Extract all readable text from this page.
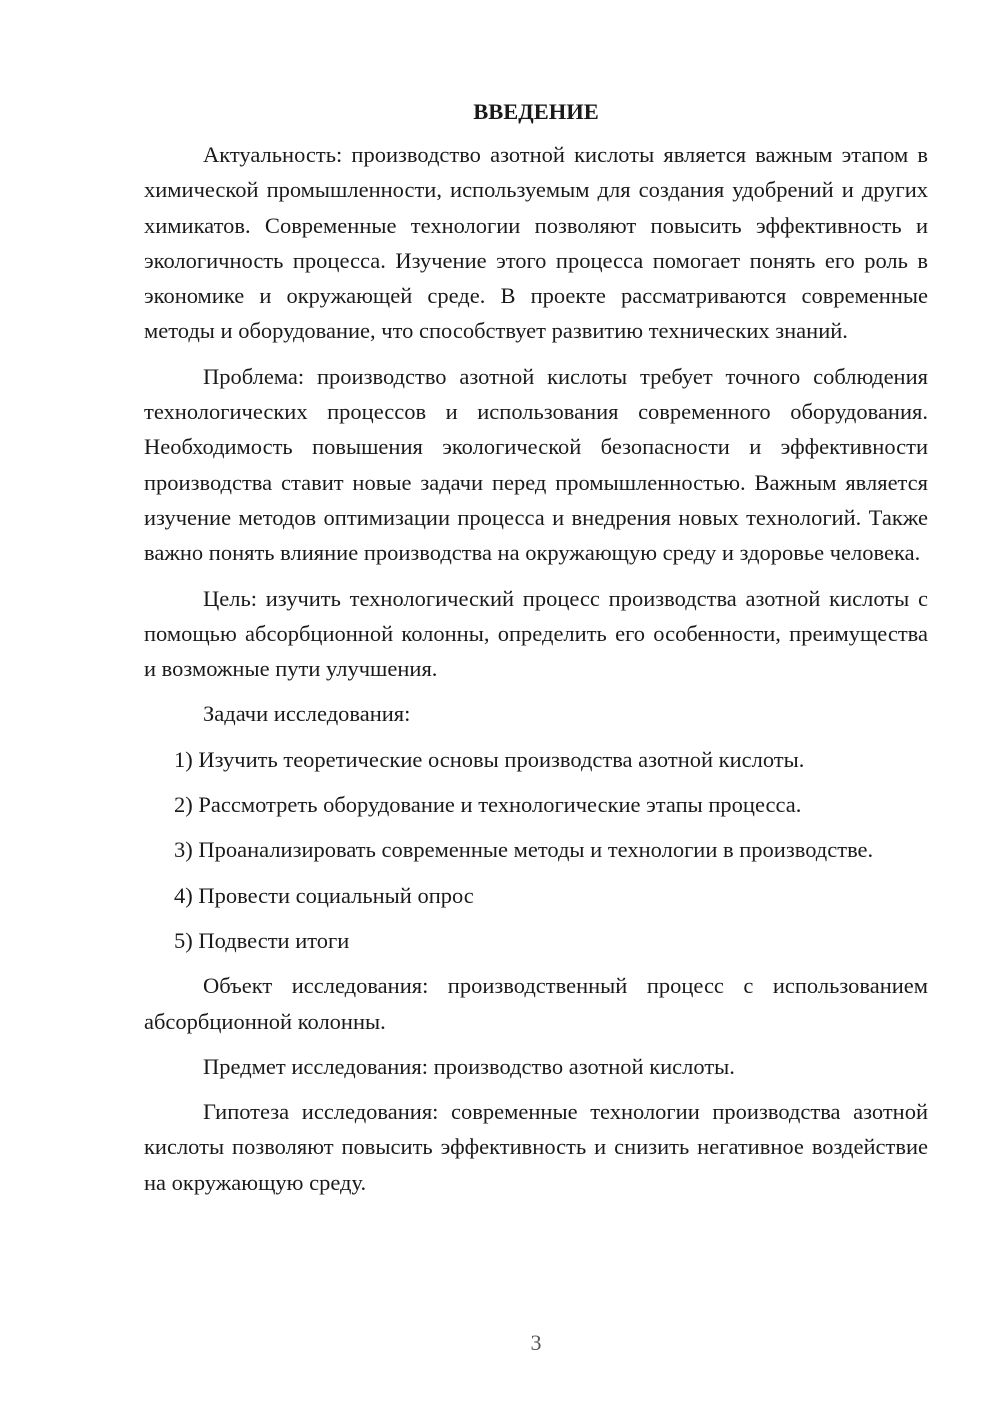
ВВЕДЕНИЕ

Актуальность: производство азотной кислоты является важным этапом в химической промышленности, используемым для создания удобрений и других химикатов. Современные технологии позволяют повысить эффективность и экологичность процесса. Изучение этого процесса помогает понять его роль в экономике и окружающей среде. В проекте рассматриваются современные методы и оборудование, что способствует развитию технических знаний.

Проблема: производство азотной кислоты требует точного соблюдения технологических процессов и использования современного оборудования. Необходимость повышения экологической безопасности и эффективности производства ставит новые задачи перед промышленностью. Важным является изучение методов оптимизации процесса и внедрения новых технологий. Также важно понять влияние производства на окружающую среду и здоровье человека.

Цель: изучить технологический процесс производства азотной кислоты с помощью абсорбционной колонны, определить его особенности, преимущества и возможные пути улучшения.

Задачи исследования:

1) Изучить теоретические основы производства азотной кислоты.

2) Рассмотреть оборудование и технологические этапы процесса.

3) Проанализировать современные методы и технологии в производстве.

4) Провести социальный опрос

5) Подвести итоги

Объект исследования: производственный процесс с использованием абсорбционной колонны.

Предмет исследования: производство азотной кислоты.

Гипотеза исследования: современные технологии производства азотной кислоты позволяют повысить эффективность и снизить негативное воздействие на окружающую среду.

3
